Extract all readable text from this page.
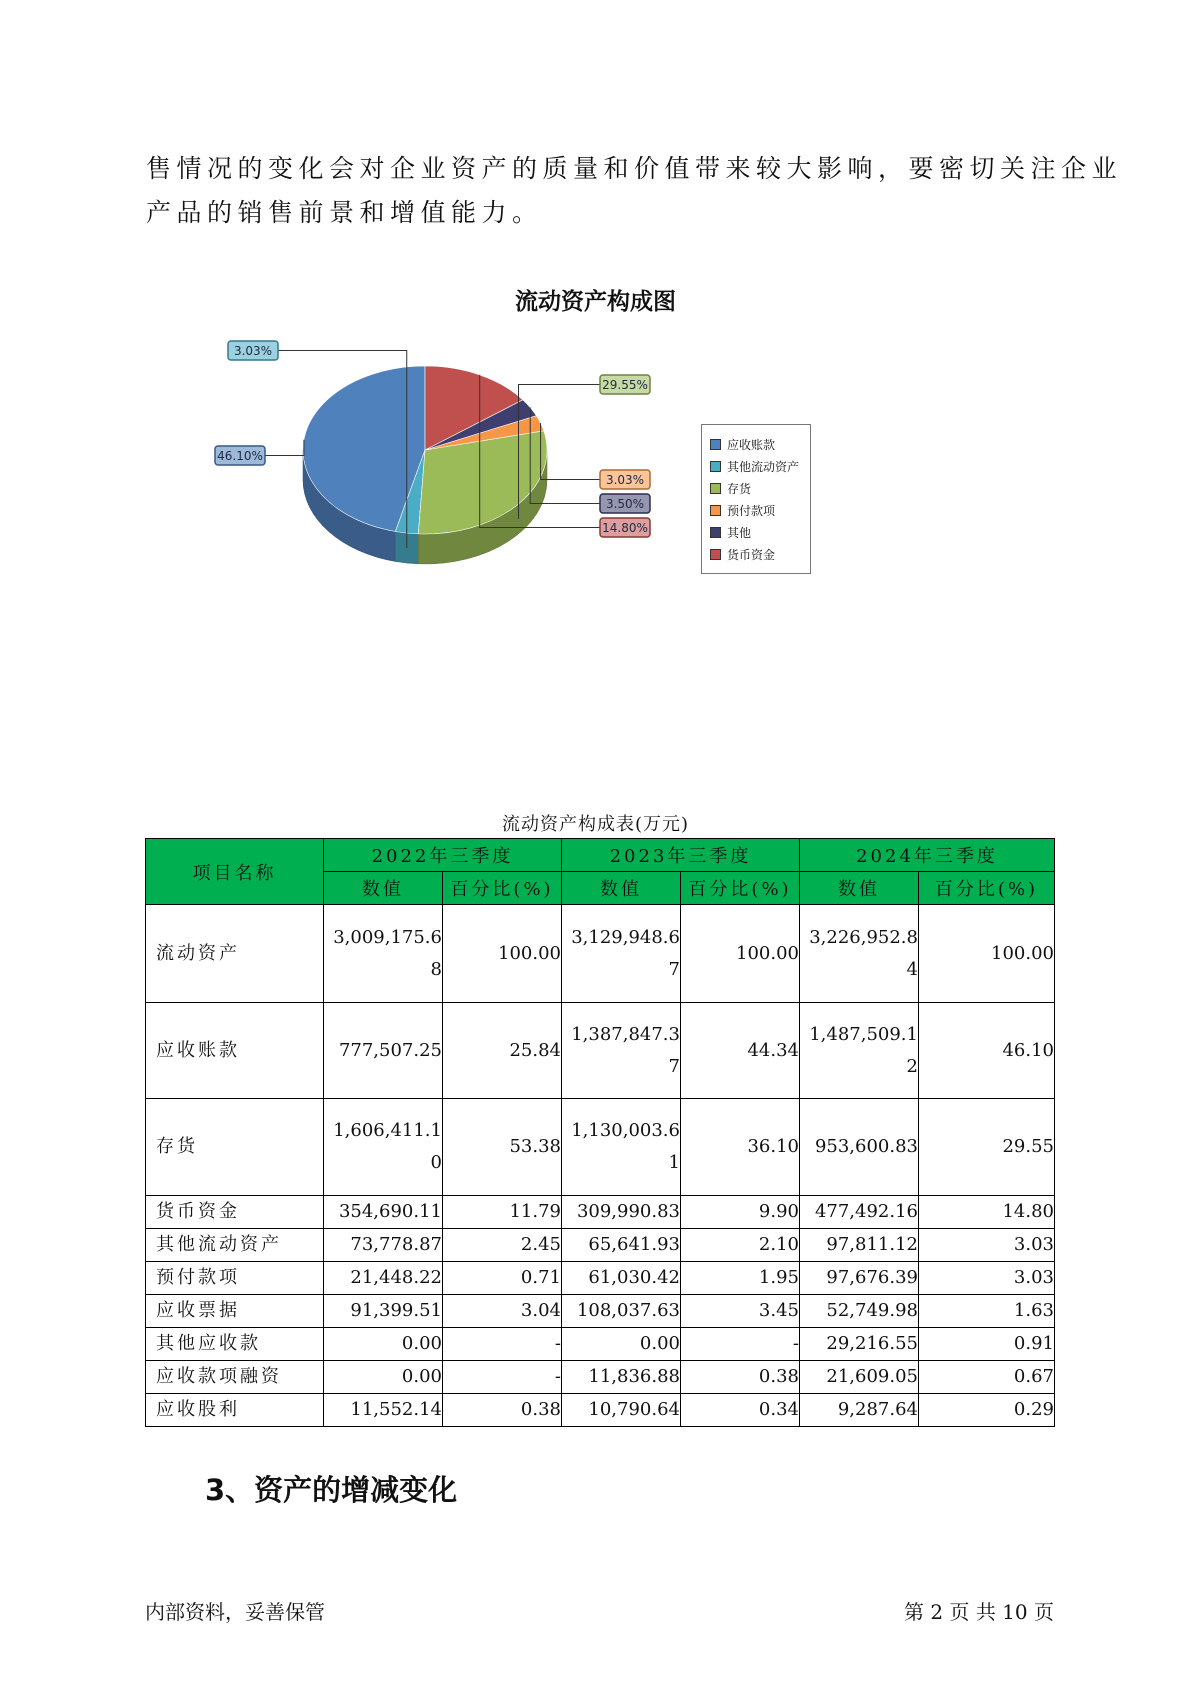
售情况的变化会对企业资产的质量和价值带来较大影响，要密切关注企业
产品的销售前景和增值能力。
流动资产构成图
46.10%
3.03%
29.55%
3.03%
3.50%
14.80%
应收账款
其他流动资产
存货
预付款项
其他
货币资金
流动资产构成表(万元)
项目名称	2022年三季度		2023年三季度		2024年三季度	
	数值	百分比(%)	数值	百分比(%)	数值	百分比(%)
流动资产	3,009,175.68	100.00	3,129,948.67	100.00	3,226,952.84	100.00
应收账款	777,507.25	25.84	1,387,847.37	44.34	1,487,509.12	46.10
存货	1,606,411.10	53.38	1,130,003.61	36.10	953,600.83	29.55
货币资金	354,690.11	11.79	309,990.83	9.90	477,492.16	14.80
其他流动资产	73,778.87	2.45	65,641.93	2.10	97,811.12	3.03
预付款项	21,448.22	0.71	61,030.42	1.95	97,676.39	3.03
应收票据	91,399.51	3.04	108,037.63	3.45	52,749.98	1.63
其他应收款	0.00	-	0.00	-	29,216.55	0.91
应收款项融资	0.00	-	11,836.88	0.38	21,609.05	0.67
应收股利	11,552.14	0.38	10,790.64	0.34	9,287.64	0.29
3、资产的增减变化
内部资料，妥善保管	第 2 页 共 10 页
